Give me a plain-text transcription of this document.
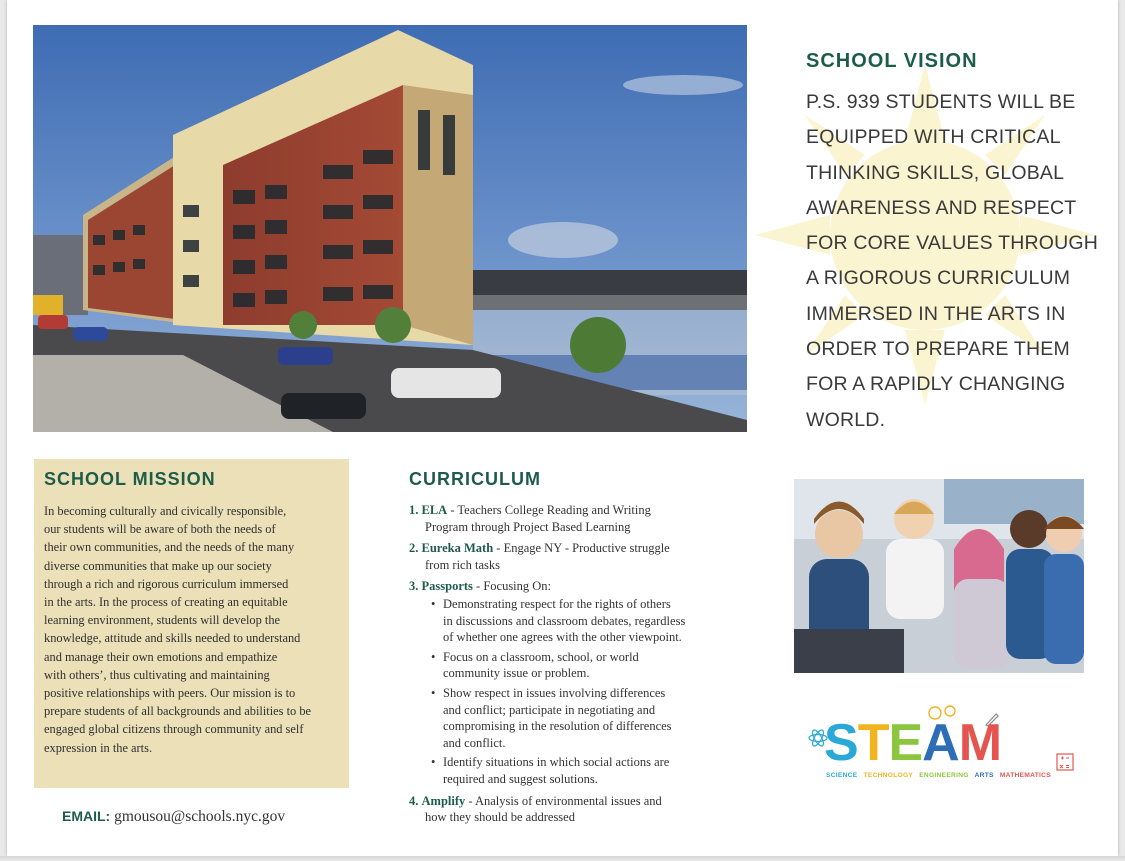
SCHOOL VISION
P.S. 939 STUDENTS WILL BE
EQUIPPED WITH CRITICAL
THINKING SKILLS, GLOBAL
AWARENESS AND RESPECT
FOR CORE VALUES THROUGH
A RIGOROUS CURRICULUM
IMMERSED IN THE ARTS IN
ORDER TO PREPARE THEM
FOR A RAPIDLY CHANGING
WORLD.
SCHOOL MISSION
In becoming culturally and civically responsible,
our students will be aware of both the needs of
their own communities, and the needs of the many
diverse communities that make up our society
through a rich and rigorous curriculum immersed
in the arts. In the process of creating an equitable
learning environment, students will develop the
knowledge, attitude and skills needed to understand
and manage their own emotions and empathize
with others’, thus cultivating and maintaining
positive relationships with peers. Our mission is to
prepare students of all backgrounds and abilities to be
engaged global citizens through community and self
expression in the arts.
EMAIL: gmousou@schools.nyc.gov
CURRICULUM
1. ELA - Teachers College Reading and Writing
Program through Project Based Learning
2. Eureka Math - Engage NY - Productive struggle
from rich tasks
3. Passports - Focusing On:
• Demonstrating respect for the rights of others
in discussions and classroom debates, regardless
of whether one agrees with the other viewpoint.
• Focus on a classroom, school, or world
community issue or problem.
• Show respect in issues involving differences
and conflict; participate in negotiating and
compromising in the resolution of differences
and conflict.
• Identify situations in which social actions are
required and suggest solutions.
4. Amplify - Analysis of environmental issues and
how they should be addressed
STEAM
SCIENCE TECHNOLOGY ENGINEERING ARTS MATHEMATICS
